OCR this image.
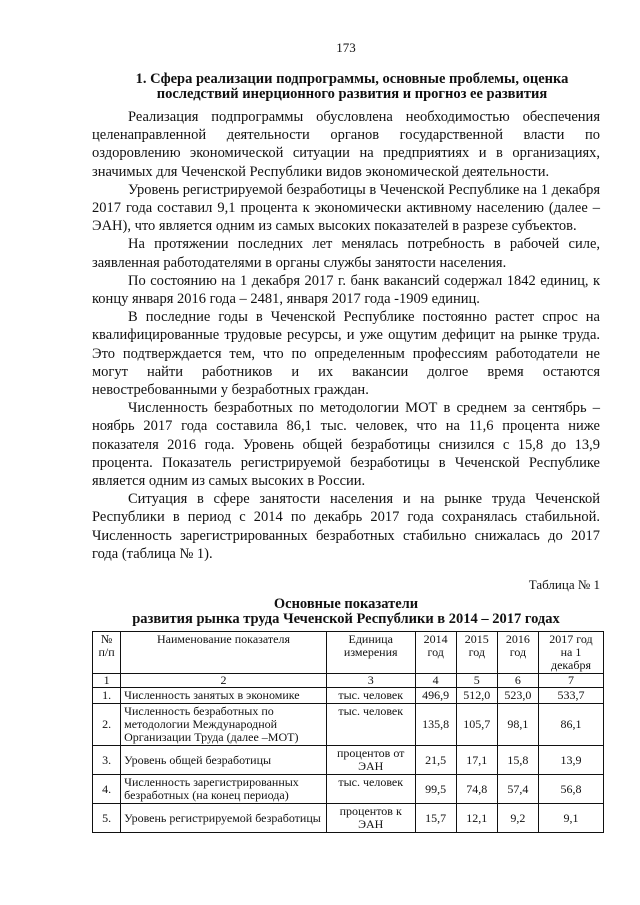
173
1. Сфера реализации подпрограммы, основные проблемы, оценка
последствий инерционного развития и прогноз ее развития

Реализация подпрограммы обусловлена необходимостью обеспечения целенаправленной деятельности органов государственной власти по оздоровлению экономической ситуации на предприятиях и в организациях, значимых для Чеченской Республики видов экономической деятельности.

Уровень регистрируемой безработицы в Чеченской Республике на 1 декабря 2017 года составил 9,1 процента к экономически активному населению (далее – ЭАН), что является одним из самых высоких показателей в разрезе субъектов.

На протяжении последних лет менялась потребность в рабочей силе, заявленная работодателями в органы службы занятости населения.

По состоянию на 1 декабря 2017 г. банк вакансий содержал 1842 единиц, к концу января 2016 года – 2481, января 2017 года -1909 единиц.

В последние годы в Чеченской Республике постоянно растет спрос на квалифицированные трудовые ресурсы, и уже ощутим дефицит на рынке труда. Это подтверждается тем, что по определенным профессиям работодатели не могут найти работников и их вакансии долгое время остаются невостребованными у безработных граждан.

Численность безработных по методологии МОТ в среднем за сентябрь – ноябрь 2017 года составила 86,1 тыс. человек, что на 11,6 процента ниже показателя 2016 года. Уровень общей безработицы снизился с 15,8 до 13,9 процента. Показатель регистрируемой безработицы в Чеченской Республике является одним из самых высоких в России.

Ситуация в сфере занятости населения и на рынке труда Чеченской Республики в период с 2014 по декабрь 2017 года сохранялась стабильной. Численность зарегистрированных безработных стабильно снижалась до 2017 года (таблица № 1).

Таблица № 1
Основные показатели
развития рынка труда Чеченской Республики в 2014 – 2017 годах
№ п/п	Наименование показателя	Единица измерения	2014 год	2015 год	2016 год	2017 год на 1 декабря
1	2	3	4	5	6	7
1.	Численность занятых в экономике	тыс. человек	496,9	512,0	523,0	533,7
2.	Численность безработных по методологии Международной Организации Труда (далее –МОТ)	тыс. человек	135,8	105,7	98,1	86,1
3.	Уровень общей безработицы	процентов от ЭАН	21,5	17,1	15,8	13,9
4.	Численность зарегистрированных безработных (на конец периода)	тыс. человек	99,5	74,8	57,4	56,8
5.	Уровень регистрируемой безработицы	процентов к ЭАН	15,7	12,1	9,2	9,1
